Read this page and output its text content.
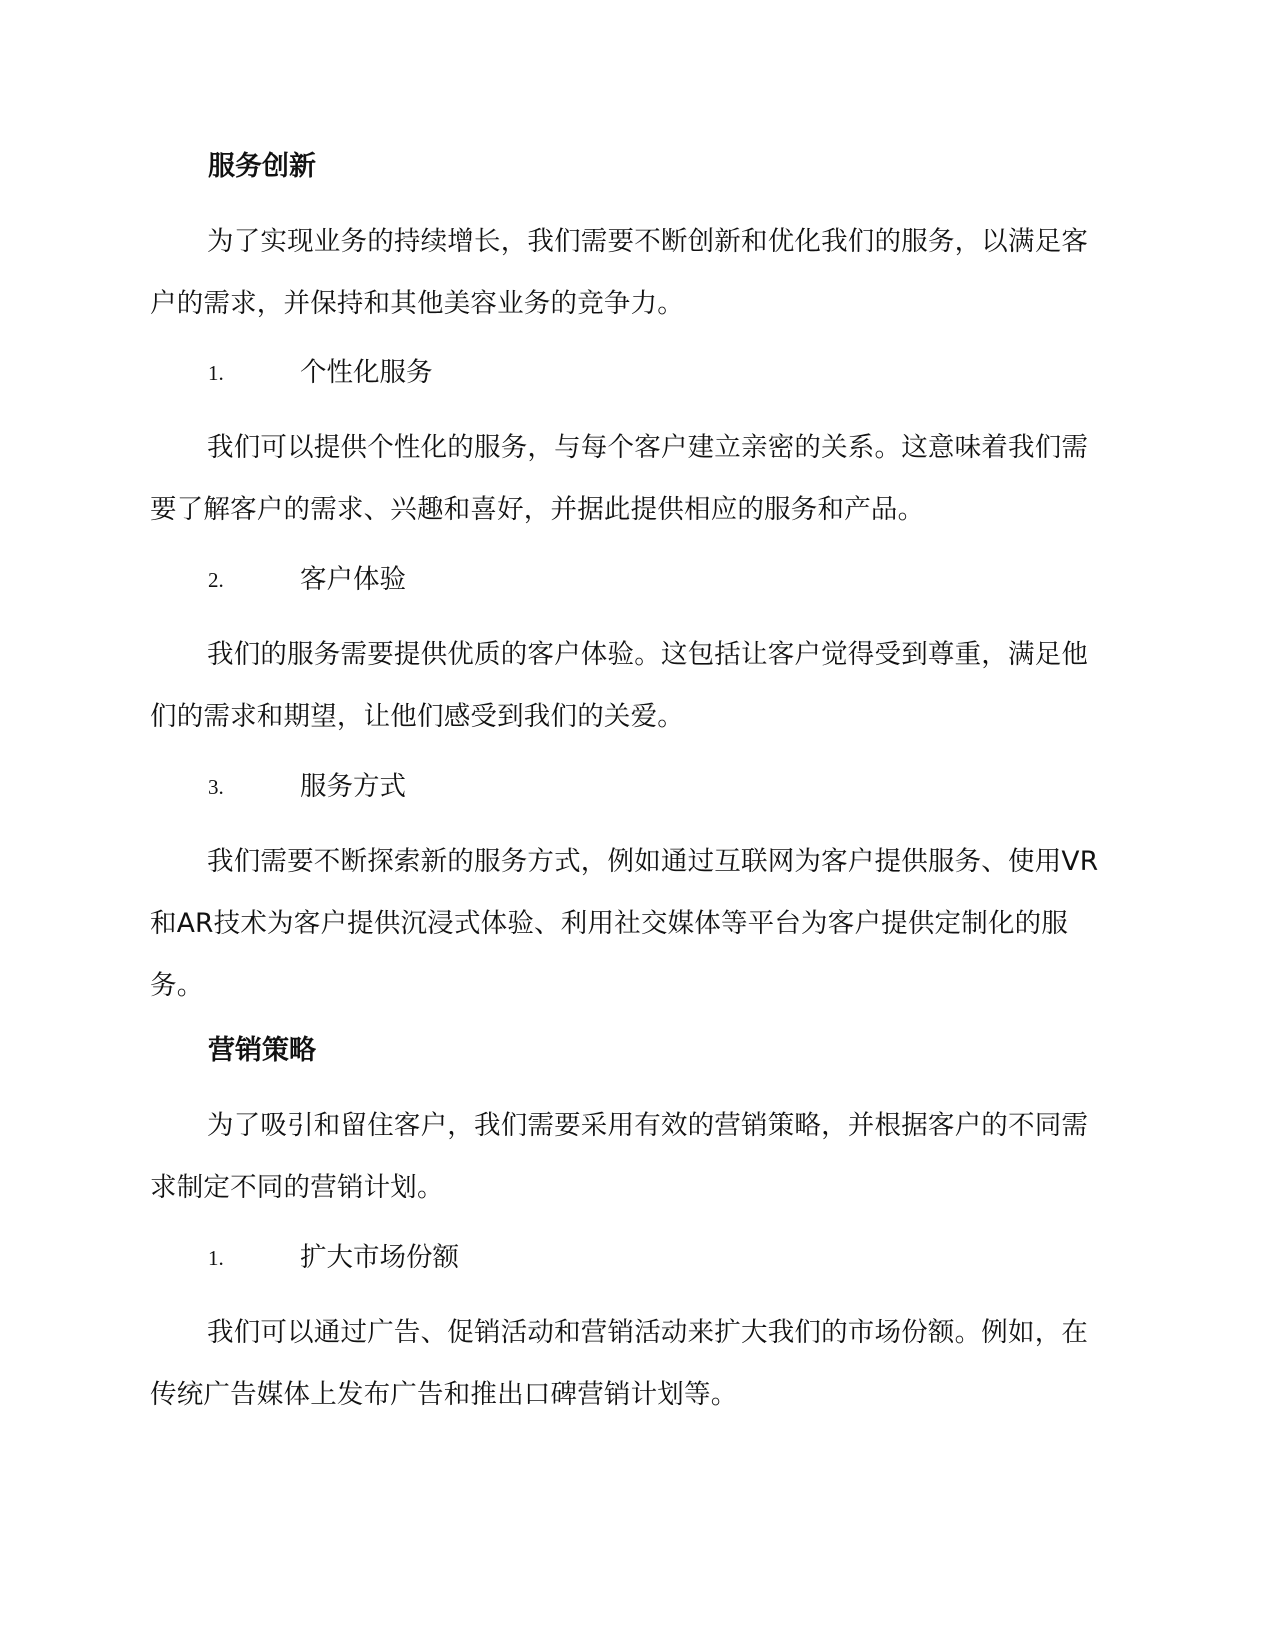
服务创新

为了实现业务的持续增长，我们需要不断创新和优化我们的服务，以满足客户的需求，并保持和其他美容业务的竞争力。

1.	个性化服务

我们可以提供个性化的服务，与每个客户建立亲密的关系。这意味着我们需要了解客户的需求、兴趣和喜好，并据此提供相应的服务和产品。

2.	客户体验

我们的服务需要提供优质的客户体验。这包括让客户觉得受到尊重，满足他们的需求和期望，让他们感受到我们的关爱。

3.	服务方式

我们需要不断探索新的服务方式，例如通过互联网为客户提供服务、使用VR和AR技术为客户提供沉浸式体验、利用社交媒体等平台为客户提供定制化的服务。

营销策略

为了吸引和留住客户，我们需要采用有效的营销策略，并根据客户的不同需求制定不同的营销计划。

1.	扩大市场份额

我们可以通过广告、促销活动和营销活动来扩大我们的市场份额。例如，在传统广告媒体上发布广告和推出口碑营销计划等。
